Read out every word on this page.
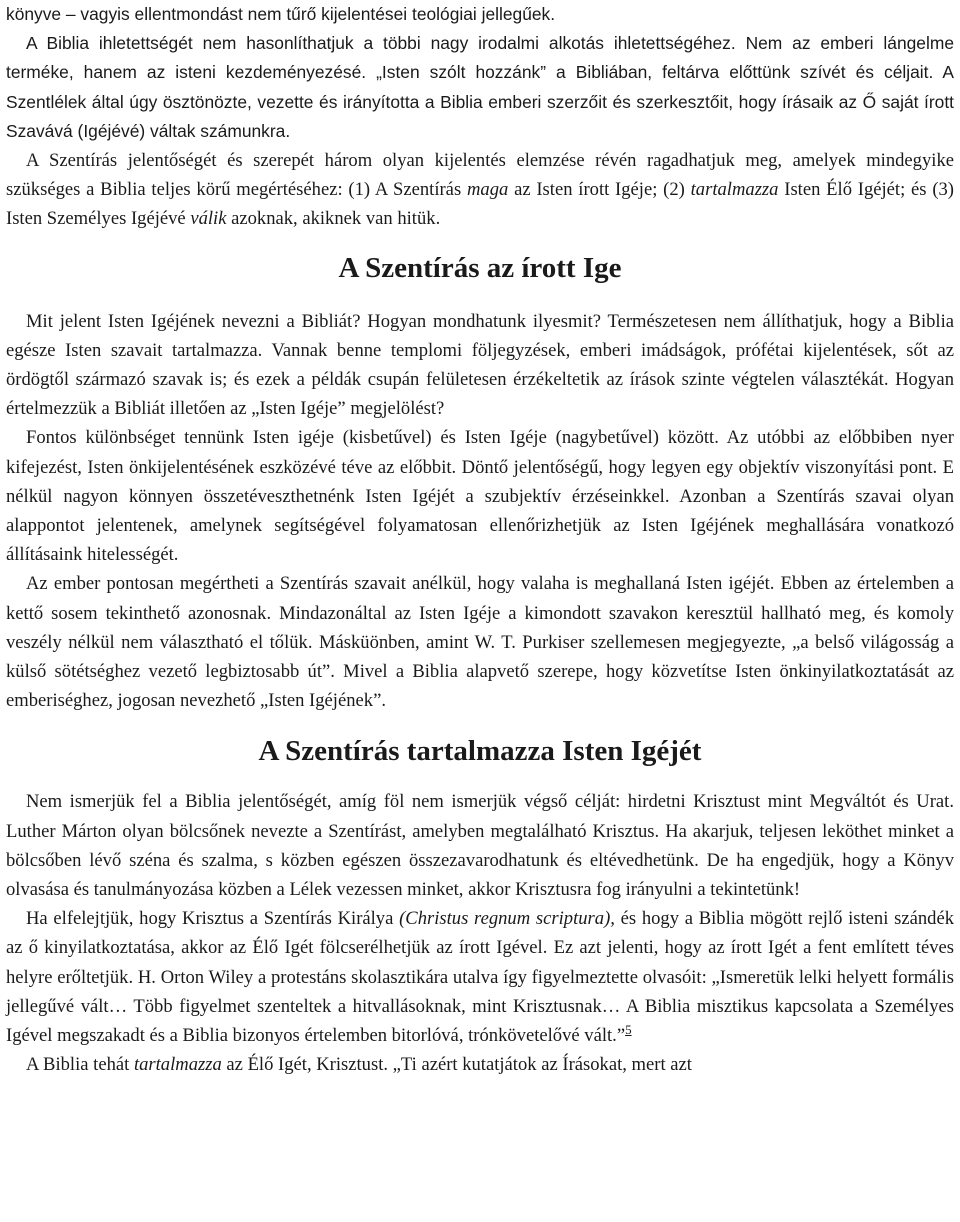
könyve – vagyis ellentmondást nem tűrő kijelentései teológiai jellegűek.

A Biblia ihletettségét nem hasonlíthatjuk a többi nagy irodalmi alkotás ihletettségéhez. Nem az emberi lángelme terméke, hanem az isteni kezdeményezésé. „Isten szólt hozzánk” a Bibliában, feltárva előttünk szívét és céljait. A Szentlélek által úgy ösztönözte, vezette és irányította a Biblia emberi szerzőit és szerkesztőit, hogy írásaik az Ő saját írott Szavává (Igéjévé) váltak számunkra.

A Szentírás jelentőségét és szerepét három olyan kijelentés elemzése révén ragadhatjuk meg, amelyek mindegyike szükséges a Biblia teljes körű megértéséhez: (1) A Szentírás maga az Isten írott Igéje; (2) tartalmazza Isten Élő Igéjét; és (3) Isten Személyes Igéjévé válik azoknak, akiknek van hitük.

A Szentírás az írott Ige

Mit jelent Isten Igéjének nevezni a Bibliát? Hogyan mondhatunk ilyesmit? Természetesen nem állíthatjuk, hogy a Biblia egésze Isten szavait tartalmazza. Vannak benne templomi följegyzések, emberi imádságok, prófétai kijelentések, sőt az ördögtől származó szavak is; és ezek a példák csupán felületesen érzékeltetik az írások szinte végtelen választékát. Hogyan értelmezzük a Bibliát illetően az „Isten Igéje” megjelölést?

Fontos különbséget tennünk Isten igéje (kisbetűvel) és Isten Igéje (nagybetűvel) között. Az utóbbi az előbbiben nyer kifejezést, Isten önkijelentésének eszközévé téve az előbbit. Döntő jelentőségű, hogy legyen egy objektív viszonyítási pont. E nélkül nagyon könnyen összetéveszthetnénk Isten Igéjét a szubjektív érzéseinkkel. Azonban a Szentírás szavai olyan alappontot jelentenek, amelynek segítségével folyamatosan ellenőrizhetjük az Isten Igéjének meghallására vonatkozó állításaink hitelességét.

Az ember pontosan megértheti a Szentírás szavait anélkül, hogy valaha is meghallaná Isten igéjét. Ebben az értelemben a kettő sosem tekinthető azonosnak. Mindazonáltal az Isten Igéje a kimondott szavakon keresztül hallható meg, és komoly veszély nélkül nem választható el tőlük. Másküönben, amint W. T. Purkiser szellemesen megjegyezte, „a belső világosság a külső sötétséghez vezető legbiztosabb út”. Mivel a Biblia alapvető szerepe, hogy közvetítse Isten önkinyilatkoztatását az emberiséghez, jogosan nevezhető „Isten Igéjének”.

A Szentírás tartalmazza Isten Igéjét

Nem ismerjük fel a Biblia jelentőségét, amíg föl nem ismerjük végső célját: hirdetni Krisztust mint Megváltót és Urat. Luther Márton olyan bölcsőnek nevezte a Szentírást, amelyben megtalálható Krisztus. Ha akarjuk, teljesen leköthet minket a bölcsőben lévő széna és szalma, s közben egészen összezavarodhatunk és eltévedhetünk. De ha engedjük, hogy a Könyv olvasása és tanulmányozása közben a Lélek vezessen minket, akkor Krisztusra fog irányulni a tekintetünk!

Ha elfelejtjük, hogy Krisztus a Szentírás Királya (Christus regnum scriptura), és hogy a Biblia mögött rejlő isteni szándék az ő kinyilatkoztatása, akkor az Élő Igét fölcserélhetjük az írott Igével. Ez azt jelenti, hogy az írott Igét a fent említett téves helyre erőltetjük. H. Orton Wiley a protestáns skolasztikára utalva így figyelmeztette olvasóit: „Ismeretük lelki helyett formális jellegűvé vált… Több figyelmet szenteltek a hitvallásoknak, mint Krisztusnak… A Biblia misztikus kapcsolata a Személyes Igével megszakadt és a Biblia bizonyos értelemben bitorlóvá, trónkövetelővé vált.”$^5$

A Biblia tehát tartalmazza az Élő Igét, Krisztust. „Ti azért kutatjátok az Írásokat, mert azt
